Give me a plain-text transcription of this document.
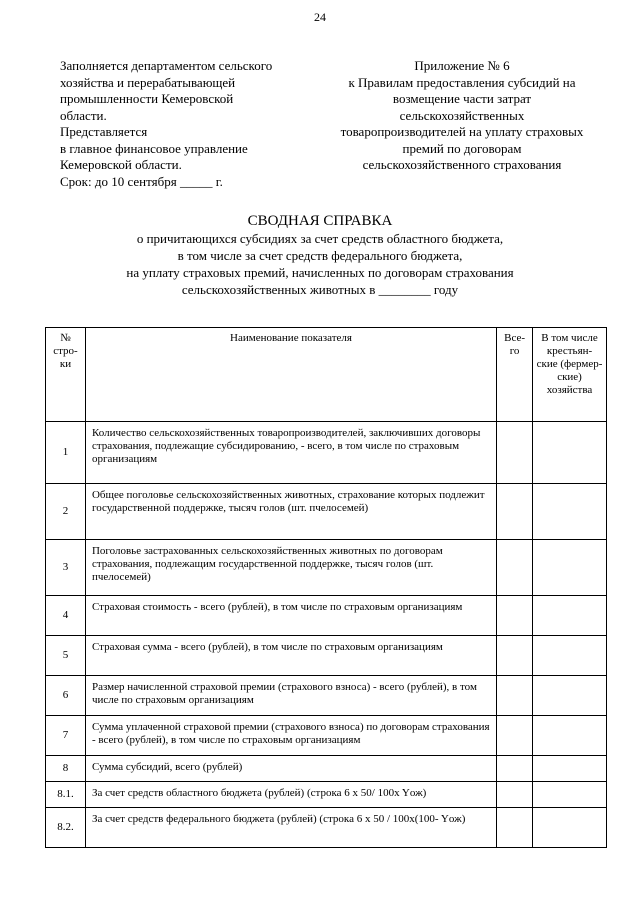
24
Заполняется департаментом сельского
хозяйства и перерабатывающей
промышленности Кемеровской
области.
Представляется
в главное финансовое управление
Кемеровской области.
Срок: до 10 сентября _____ г.
Приложение № 6
к Правилам предоставления субсидий на
возмещение части затрат
сельскохозяйственных
товаропроизводителей на уплату страховых
премий по договорам
сельскохозяйственного страхования
СВОДНАЯ СПРАВКА
о причитающихся субсидиях за счет средств областного бюджета,
в том числе за счет средств федерального бюджета,
на уплату страховых премий, начисленных по договорам страхования
сельскохозяйственных животных в ________ году
№ стро- ки	Наименование показателя	Все- го	В том числе крестьян- ские (фермер- ские) хозяйства
1	Количество сельскохозяйственных товаропроизводителей, заключивших договоры страхования, подлежащие субсидированию, - всего, в том числе по страховым организациям		
2	Общее поголовье сельскохозяйственных животных, страхование которых подлежит государственной поддержке, тысяч голов (шт. пчелосемей)		
3	Поголовье застрахованных сельскохозяйственных животных по договорам страхования, подлежащим государственной поддержке, тысяч голов (шт. пчелосемей)		
4	Страховая стоимость - всего (рублей), в том числе по страховым организациям		
5	Страховая сумма - всего (рублей), в том числе по страховым организациям		
6	Размер начисленной страховой премии (страхового взноса) - всего (рублей), в том числе по страховым организациям		
7	Сумма уплаченной страховой премии (страхового взноса) по договорам страхования - всего (рублей), в том числе по страховым организациям		
8	Сумма субсидий, всего (рублей)		
8.1.	За счет средств областного бюджета (рублей) (строка 6 x 50/ 100x Yож)		
8.2.	За счет средств федерального бюджета (рублей) (строка 6 x 50 / 100x(100- Yож)		
